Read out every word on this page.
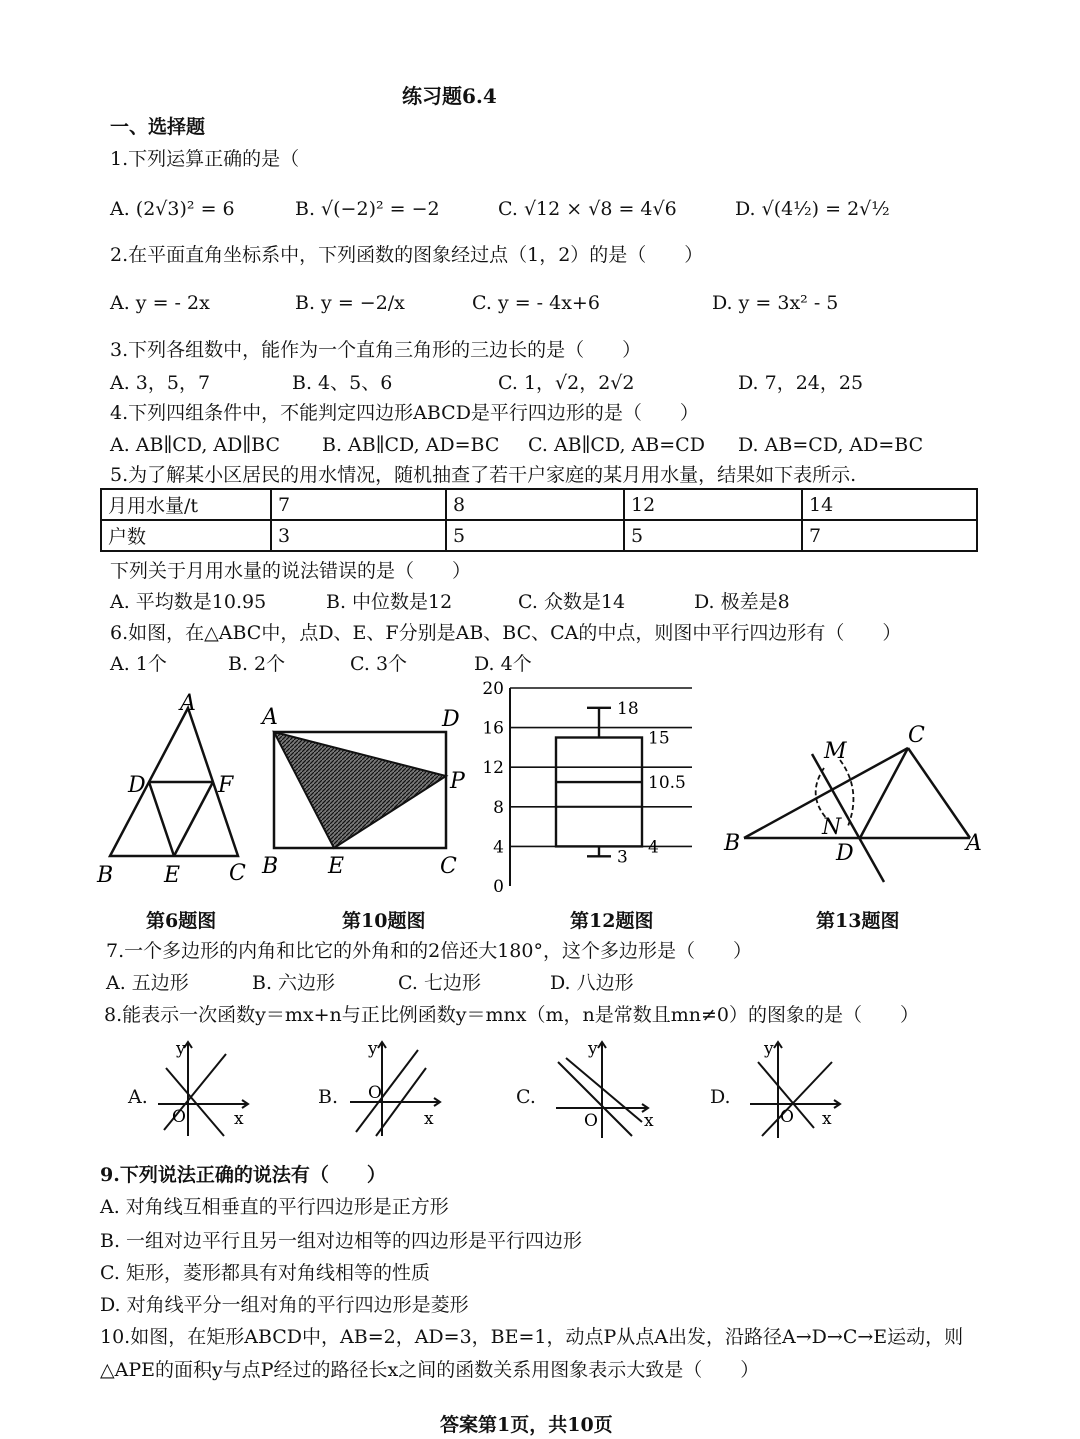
练习题6.4
一、选择题
1.下列运算正确的是（
A. (2√3)² = 6	B. √(−2)² = −2	C. √12 × √8 = 4√6	D. √(4½) = 2√½
2.在平面直角坐标系中，下列函数的图象经过点（1，2）的是（　　）
A. y = - 2x	B. y = −2/x	C. y = - 4x+6	D. y = 3x² - 5
3.下列各组数中，能作为一个直角三角形的三边长的是（　　）
A. 3，5，7	B. 4、5、6	C. 1，√2，2√2	D. 7，24，25
4.下列四组条件中，不能判定四边形ABCD是平行四边形的是（　　）
A. AB∥CD, AD∥BC B. AB∥CD, AD=BC C. AB∥CD, AB=CD D. AB=CD, AD=BC
5.为了解某小区居民的用水情况，随机抽查了若干户家庭的某月用水量，结果如下表所示.
月用水量/t	7	8	12	14
户数	3	5	5	7
下列关于月用水量的说法错误的是（　　）
A. 平均数是10.95	B. 中位数是12	C. 众数是14	D. 极差是8
6.如图，在△ABC中，点D、E、F分别是AB、BC、CA的中点，则图中平行四边形有（　　）
A. 1个	B. 2个	C. 3个	D. 4个
A
B	C
D
E
F
第6题图
A	D
B E	C
P
第10题图
0
4
8
12
16
20
18
15
10.5
4
3
第12题图
B	A
C
D
M
N
第13题图
7.一个多边形的内角和比它的外角和的2倍还大180°，这个多边形是（　　）
A. 五边形	B. 六边形	C. 七边形	D. 八边形
8.能表示一次函数y＝mx+n与正比例函数y＝mnx（m，n是常数且mn≠0）的图象的是（　　）
A.	B.	C.	D.
y
x
O
y
x
O
y
x
O
y
x
O
9.下列说法正确的说法有（　　）
A. 对角线互相垂直的平行四边形是正方形
B. 一组对边平行且另一组对边相等的四边形是平行四边形
C. 矩形，菱形都具有对角线相等的性质
D. 对角线平分一组对角的平行四边形是菱形
10.如图，在矩形ABCD中，AB=2，AD=3，BE=1，动点P从点A出发，沿路径A→D→C→E运动，则
△APE的面积y与点P经过的路径长x之间的函数关系用图象表示大致是（　　）
答案第1页，共10页
